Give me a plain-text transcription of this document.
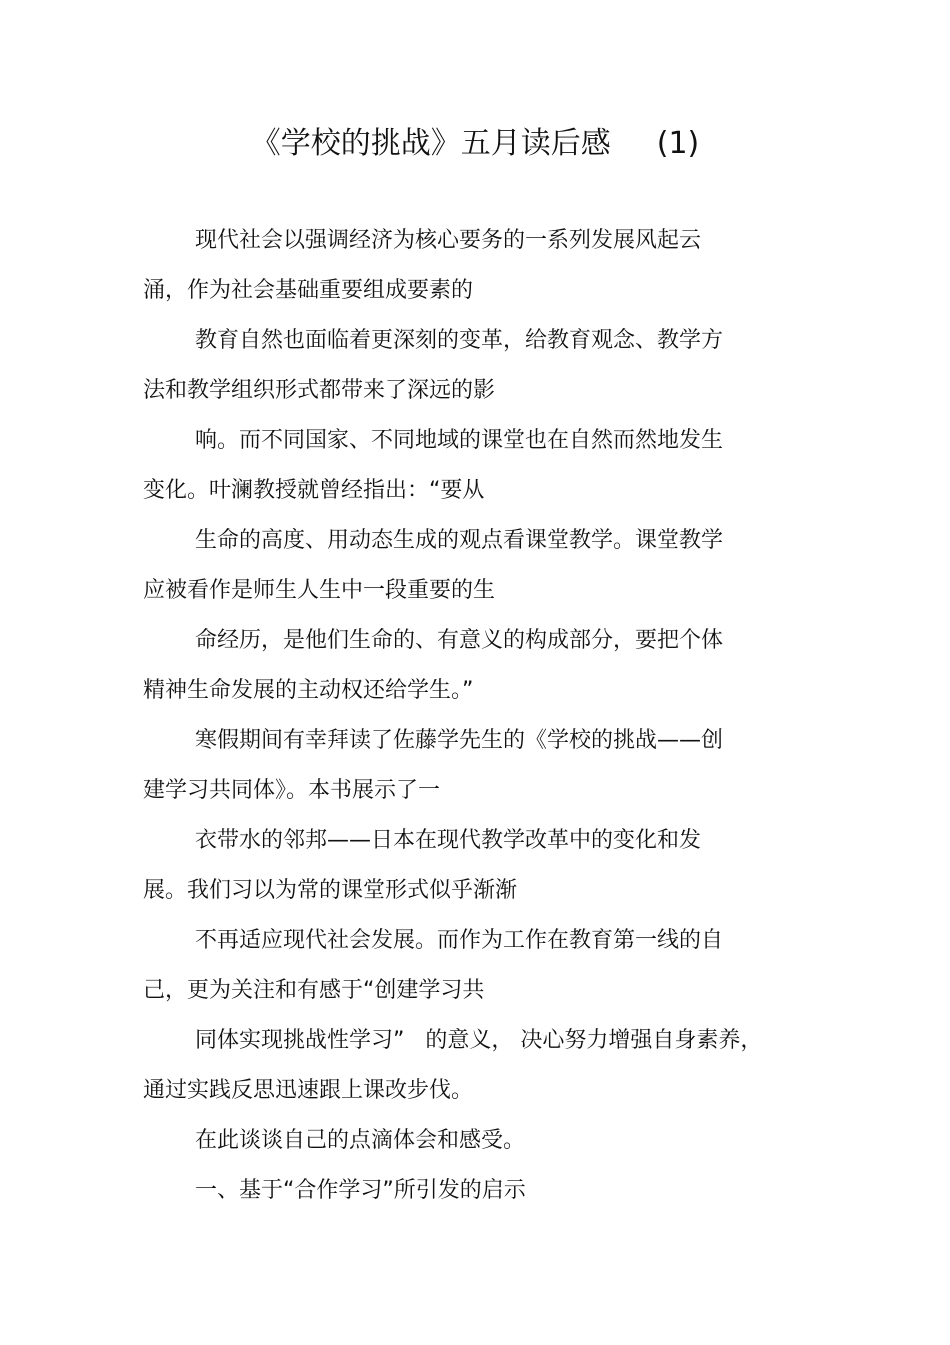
《学校的挑战》五月读后感 (1)
现代社会以强调经济为核心要务的一系列发展风起云
涌，作为社会基础重要组成要素的
教育自然也面临着更深刻的变革，给教育观念、教学方
法和教学组织形式都带来了深远的影
响。而不同国家、不同地域的课堂也在自然而然地发生
变化。叶澜教授就曾经指出：“要从
生命的高度、用动态生成的观点看课堂教学。课堂教学
应被看作是师生人生中一段重要的生
命经历，是他们生命的、有意义的构成部分，要把个体
精神生命发展的主动权还给学生。”
寒假期间有幸拜读了佐藤学先生的《学校的挑战——创
建学习共同体》。本书展示了一
衣带水的邻邦——日本在现代教学改革中的变化和发
展。我们习以为常的课堂形式似乎渐渐
不再适应现代社会发展。而作为工作在教育第一线的自
己，更为关注和有感于“创建学习共
同体实现挑战性学习”   的意义， 决心努力增强自身素养，
通过实践反思迅速跟上课改步伐。
在此谈谈自己的点滴体会和感受。
一、基于“合作学习”所引发的启示
